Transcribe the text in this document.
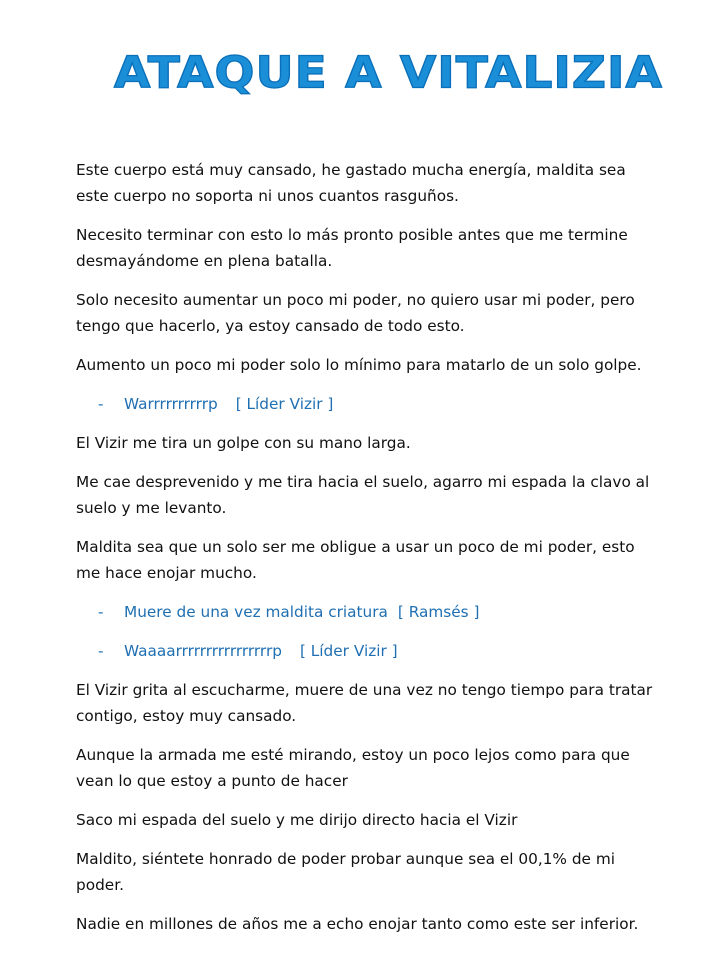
ATAQUE A VITALIZIA

Este cuerpo está muy cansado, he gastado mucha energía, maldita sea este cuerpo no soporta ni unos cuantos rasguños.

Necesito terminar con esto lo más pronto posible antes que me termine desmayándome en plena batalla.

Solo necesito aumentar un poco mi poder, no quiero usar mi poder, pero tengo que hacerlo, ya estoy cansado de todo esto.

Aumento un poco mi poder solo lo mínimo para matarlo de un solo golpe.

-	Warrrrrrrrrrp [ Líder Vizir ]

El Vizir me tira un golpe con su mano larga.

Me cae desprevenido y me tira hacia el suelo, agarro mi espada la clavo al suelo y me levanto.

Maldita sea que un solo ser me obligue a usar un poco de mi poder, esto me hace enojar mucho.

-	Muere de una vez maldita criatura [ Ramsés ]
-	Waaaarrrrrrrrrrrrrrrrp [ Líder Vizir ]

El Vizir grita al escucharme, muere de una vez no tengo tiempo para tratar contigo, estoy muy cansado.

Aunque la armada me esté mirando, estoy un poco lejos como para que vean lo que estoy a punto de hacer

Saco mi espada del suelo y me dirijo directo hacia el Vizir

Maldito, siéntete honrado de poder probar aunque sea el 00,1% de mi poder.

Nadie en millones de años me a echo enojar tanto como este ser inferior.
